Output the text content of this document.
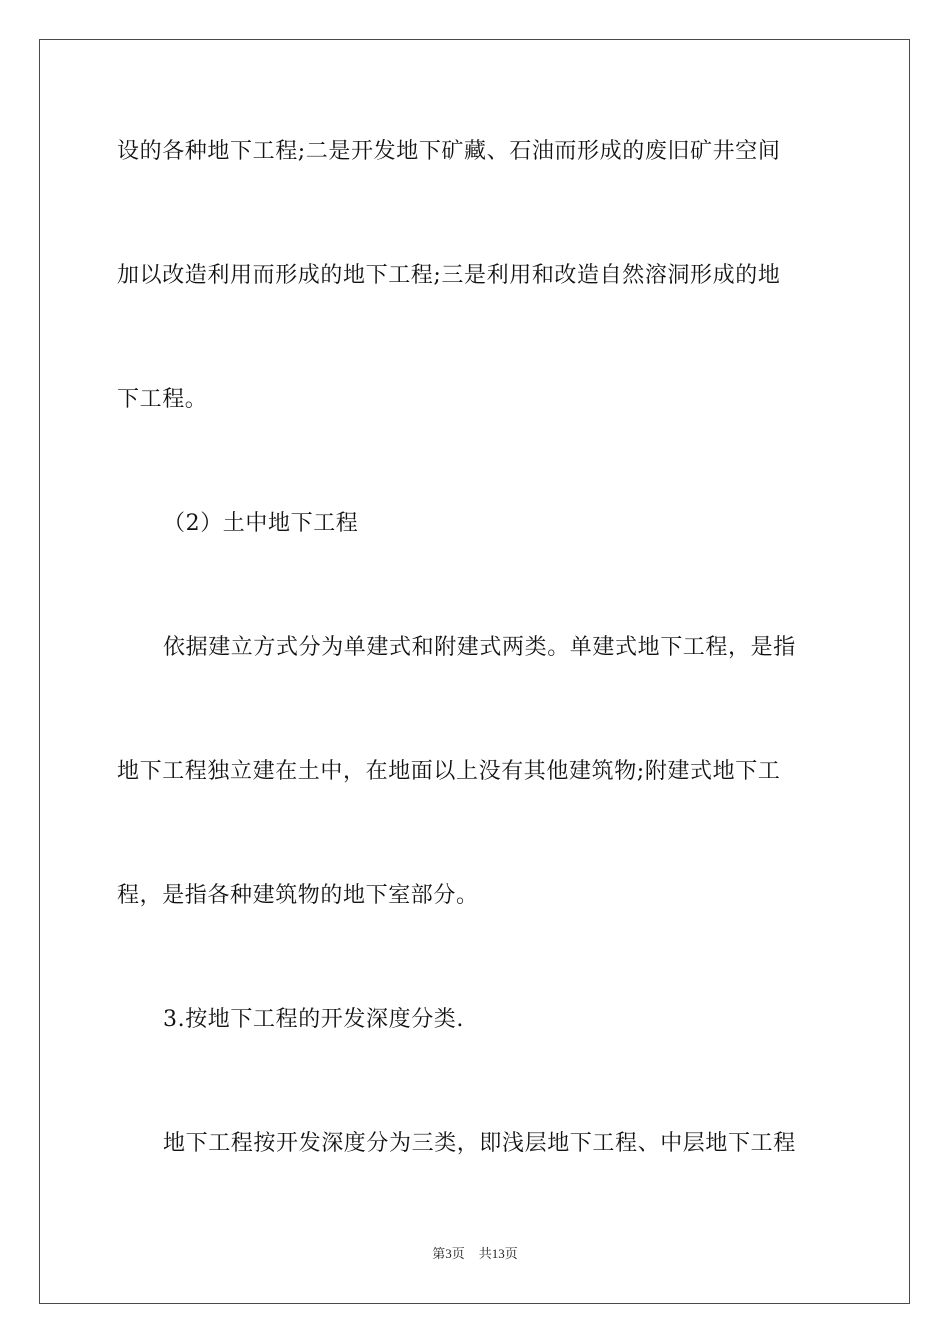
设的各种地下工程;二是开发地下矿藏、石油而形成的废旧矿井空间
加以改造利用而形成的地下工程;三是利用和改造自然溶洞形成的地
下工程。
（2）土中地下工程
依据建立方式分为单建式和附建式两类。单建式地下工程，是指
地下工程独立建在土中，在地面以上没有其他建筑物;附建式地下工
程，是指各种建筑物的地下室部分。
3.按地下工程的开发深度分类.
地下工程按开发深度分为三类，即浅层地下工程、中层地下工程
第3页 共13页
